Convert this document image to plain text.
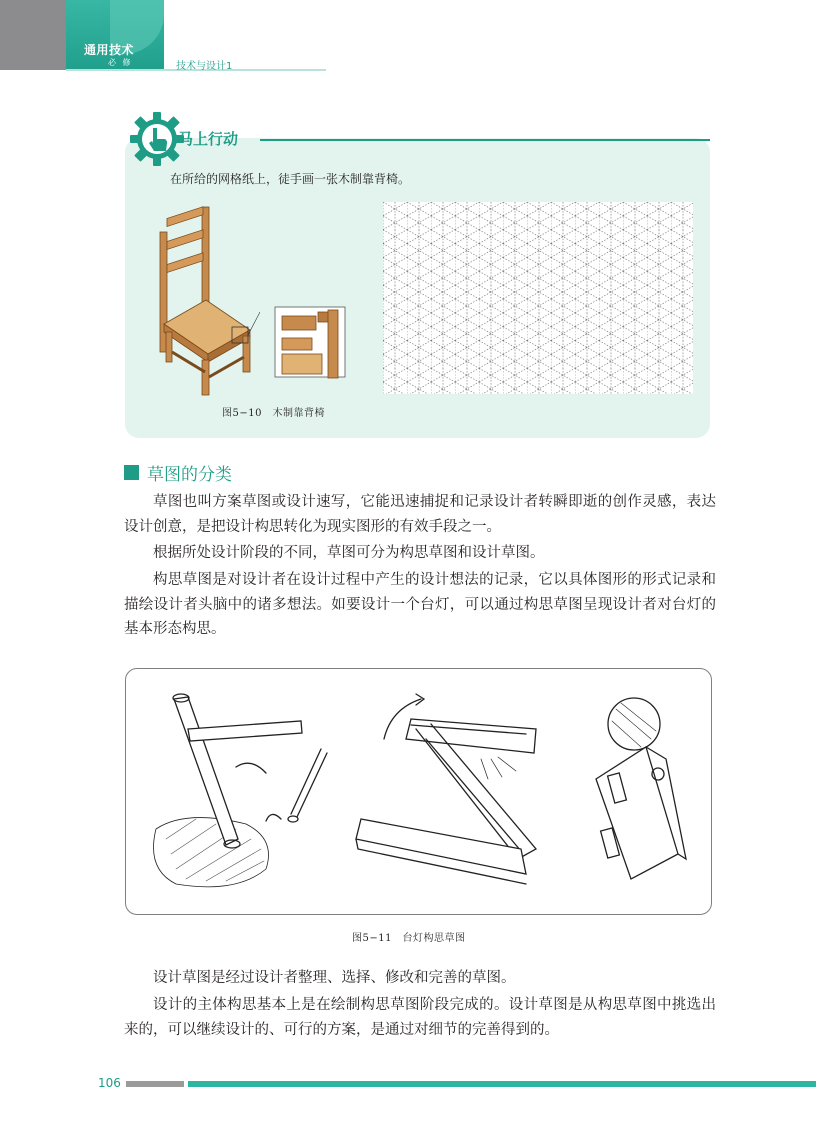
通用技术
必 修	技术与设计1
马上行动
在所给的网格纸上，徒手画一张木制靠背椅。
图5−10　木制靠背椅
草图的分类

草图也叫方案草图或设计速写，它能迅速捕捉和记录设计者转瞬即逝的创作灵感，表达设计创意，是把设计构思转化为现实图形的有效手段之一。

根据所处设计阶段的不同，草图可分为构思草图和设计草图。

构思草图是对设计者在设计过程中产生的设计想法的记录，它以具体图形的形式记录和描绘设计者头脑中的诸多想法。如要设计一个台灯，可以通过构思草图呈现设计者对台灯的基本形态构思。

图5−11　台灯构思草图

设计草图是经过设计者整理、选择、修改和完善的草图。

设计的主体构思基本上是在绘制构思草图阶段完成的。设计草图是从构思草图中挑选出来的，可以继续设计的、可行的方案，是通过对细节的完善得到的。

106
